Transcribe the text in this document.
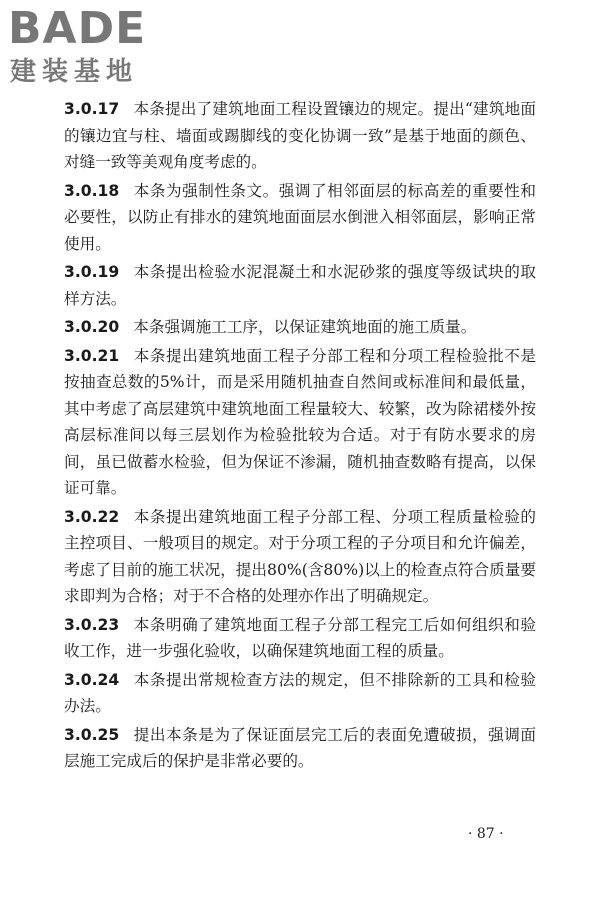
BADE
建装基地

3.0.17 本条提出了建筑地面工程设置镶边的规定。提出“建筑地面的镶边宜与柱、墙面或踢脚线的变化协调一致”是基于地面的颜色、对缝一致等美观角度考虑的。

3.0.18 本条为强制性条文。强调了相邻面层的标高差的重要性和必要性，以防止有排水的建筑地面面层水倒泄入相邻面层，影响正常使用。

3.0.19 本条提出检验水泥混凝土和水泥砂浆的强度等级试块的取样方法。

3.0.20 本条强调施工工序，以保证建筑地面的施工质量。

3.0.21 本条提出建筑地面工程子分部工程和分项工程检验批不是按抽查总数的5%计，而是采用随机抽查自然间或标准间和最低量，其中考虑了高层建筑中建筑地面工程量较大、较繁，改为除裙楼外按高层标准间以每三层划作为检验批较为合适。对于有防水要求的房间，虽已做蓄水检验，但为保证不渗漏，随机抽查数略有提高，以保证可靠。

3.0.22 本条提出建筑地面工程子分部工程、分项工程质量检验的主控项目、一般项目的规定。对于分项工程的子分项目和允许偏差，考虑了目前的施工状况，提出80%(含80%)以上的检查点符合质量要求即判为合格；对于不合格的处理亦作出了明确规定。

3.0.23 本条明确了建筑地面工程子分部工程完工后如何组织和验收工作，进一步强化验收，以确保建筑地面工程的质量。

3.0.24 本条提出常规检查方法的规定，但不排除新的工具和检验办法。

3.0.25 提出本条是为了保证面层完工后的表面免遭破损，强调面层施工完成后的保护是非常必要的。

· 87 ·
